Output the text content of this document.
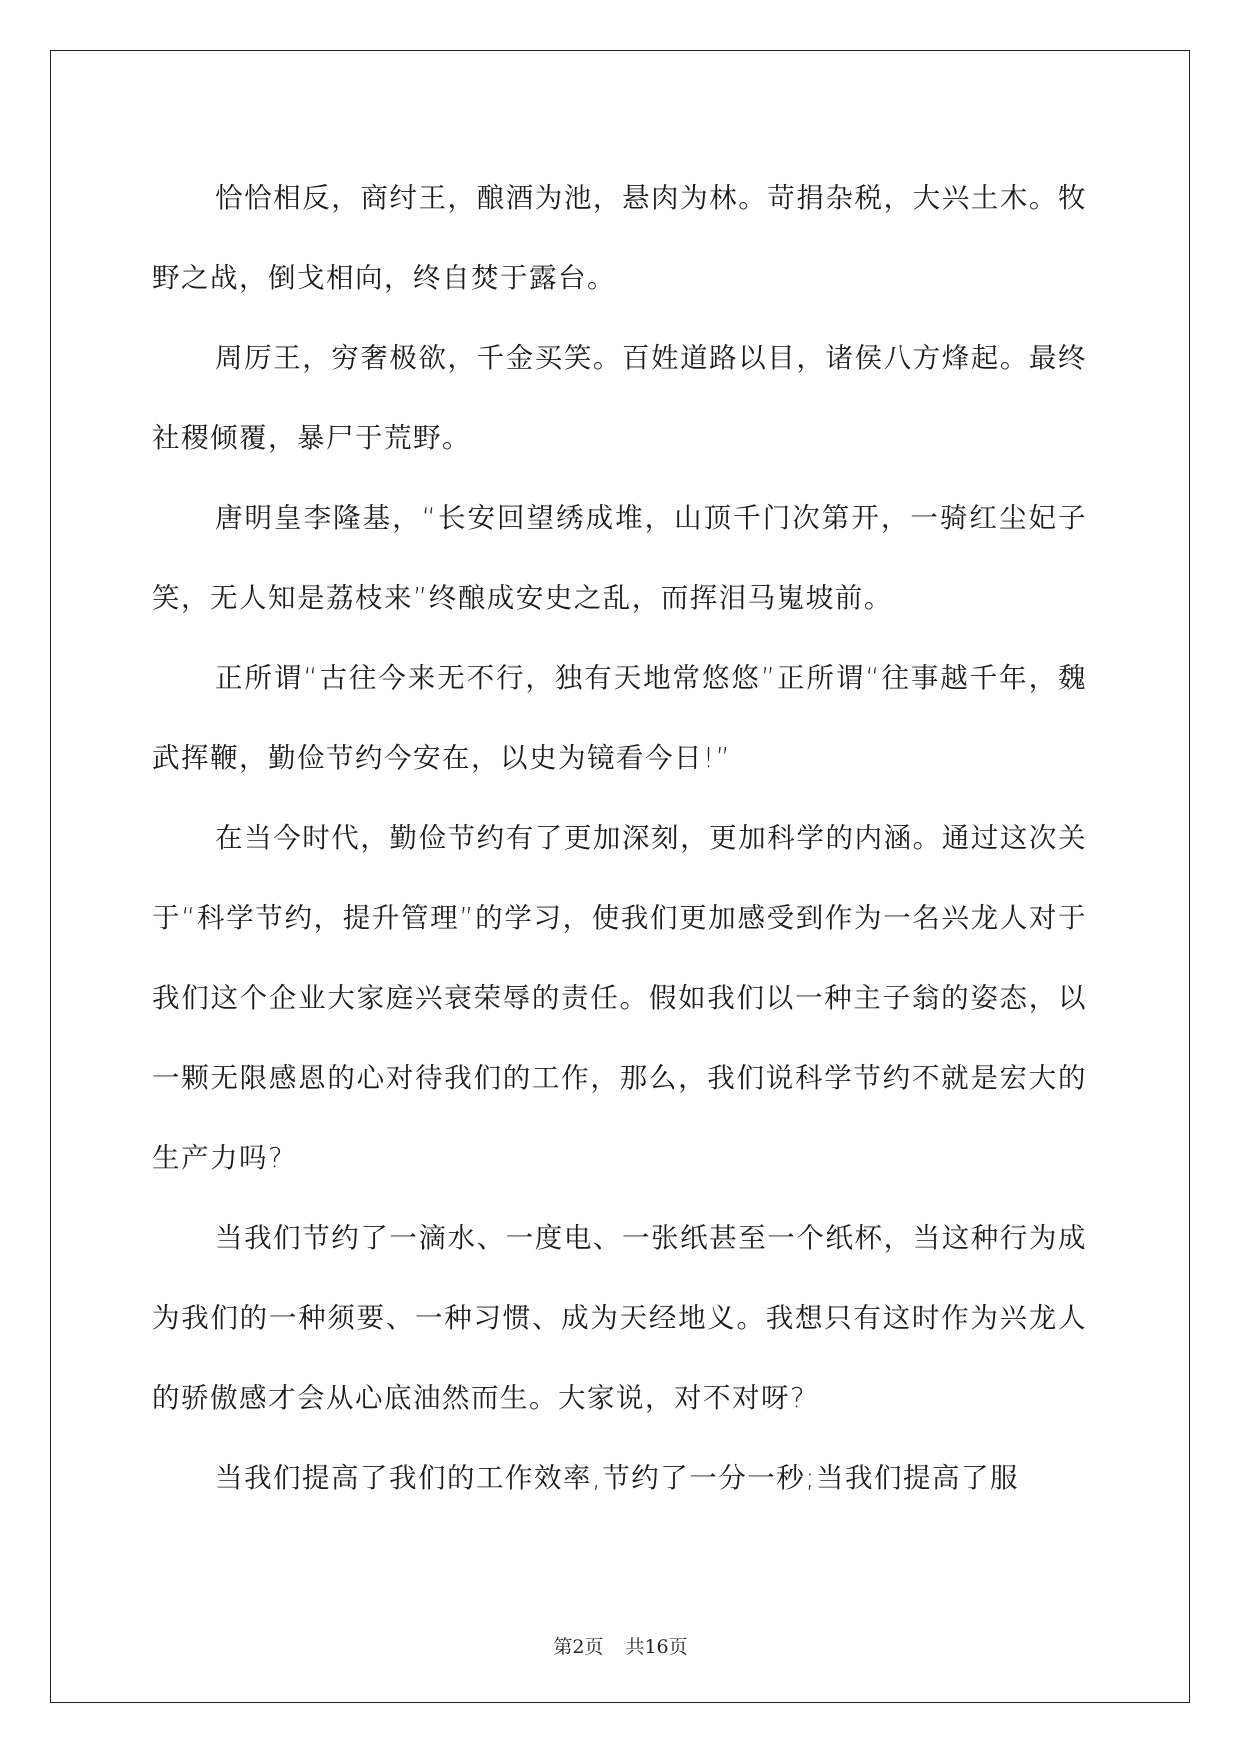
恰恰相反，商纣王，酿酒为池，悬肉为林。苛捐杂税，大兴土木。牧野之战，倒戈相向，终自焚于露台。

周厉王，穷奢极欲，千金买笑。百姓道路以目，诸侯八方烽起。最终社稷倾覆，暴尸于荒野。

唐明皇李隆基，“长安回望绣成堆，山顶千门次第开，一骑红尘妃子笑，无人知是荔枝来”终酿成安史之乱，而挥泪马嵬坡前。

正所谓“古往今来无不行，独有天地常悠悠”正所谓“往事越千年，魏武挥鞭，勤俭节约今安在，以史为镜看今日!”

在当今时代，勤俭节约有了更加深刻，更加科学的内涵。通过这次关于“科学节约，提升管理”的学习，使我们更加感受到作为一名兴龙人对于我们这个企业大家庭兴衰荣辱的责任。假如我们以一种主子翁的姿态，以一颗无限感恩的心对待我们的工作，那么，我们说科学节约不就是宏大的生产力吗?

当我们节约了一滴水、一度电、一张纸甚至一个纸杯，当这种行为成为我们的一种须要、一种习惯、成为天经地义。我想只有这时作为兴龙人的骄傲感才会从心底油然而生。大家说，对不对呀?

当我们提高了我们的工作效率,节约了一分一秒;当我们提高了服

第2页 共16页
